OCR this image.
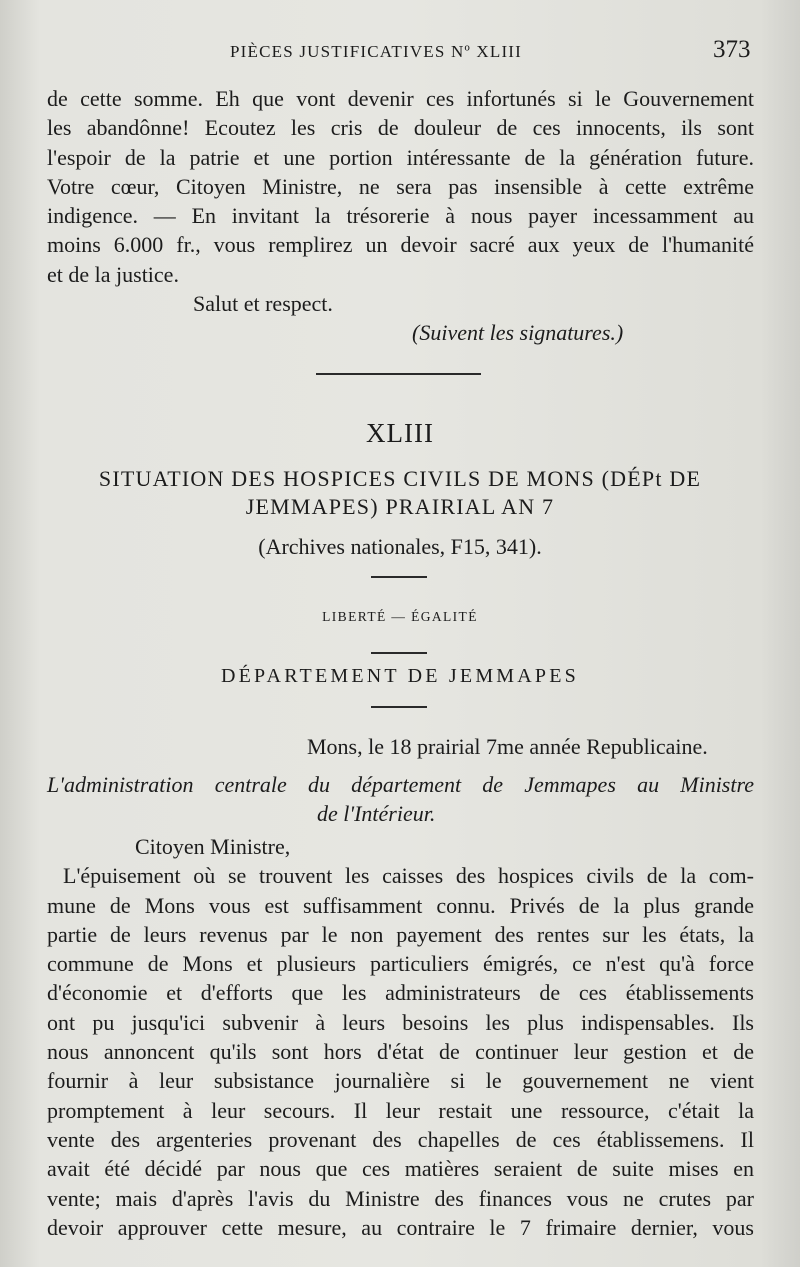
PIÈCES JUSTIFICATIVES Nº XLIII	373
de cette somme. Eh que vont devenir ces infortunés si le Gouvernement
les abandônne! Ecoutez les cris de douleur de ces innocents, ils sont
l'espoir de la patrie et une portion intéressante de la génération future.
Votre cœur, Citoyen Ministre, ne sera pas insensible à cette extrême
indigence. — En invitant la trésorerie à nous payer incessamment au
moins 6.000 fr., vous remplirez un devoir sacré aux yeux de l'humanité
et de la justice.
Salut et respect.
(Suivent les signatures.)
XLIII
SITUATION DES HOSPICES CIVILS DE MONS (DÉPt DE
JEMMAPES) PRAIRIAL AN 7
(Archives nationales, F15, 341).
LIBERTÉ — ÉGALITÉ
DÉPARTEMENT DE JEMMAPES
Mons, le 18 prairial 7me année Republicaine.
L'administration centrale du département de Jemmapes au Ministre
de l'Intérieur.
Citoyen Ministre,
L'épuisement où se trouvent les caisses des hospices civils de la com-
mune de Mons vous est suffisamment connu. Privés de la plus grande
partie de leurs revenus par le non payement des rentes sur les états, la
commune de Mons et plusieurs particuliers émigrés, ce n'est qu'à force
d'économie et d'efforts que les administrateurs de ces établissements
ont pu jusqu'ici subvenir à leurs besoins les plus indispensables. Ils
nous annoncent qu'ils sont hors d'état de continuer leur gestion et de
fournir à leur subsistance journalière si le gouvernement ne vient
promptement à leur secours. Il leur restait une ressource, c'était la
vente des argenteries provenant des chapelles de ces établissemens. Il
avait été décidé par nous que ces matières seraient de suite mises en
vente; mais d'après l'avis du Ministre des finances vous ne crutes par
devoir approuver cette mesure, au contraire le 7 frimaire dernier, vous
